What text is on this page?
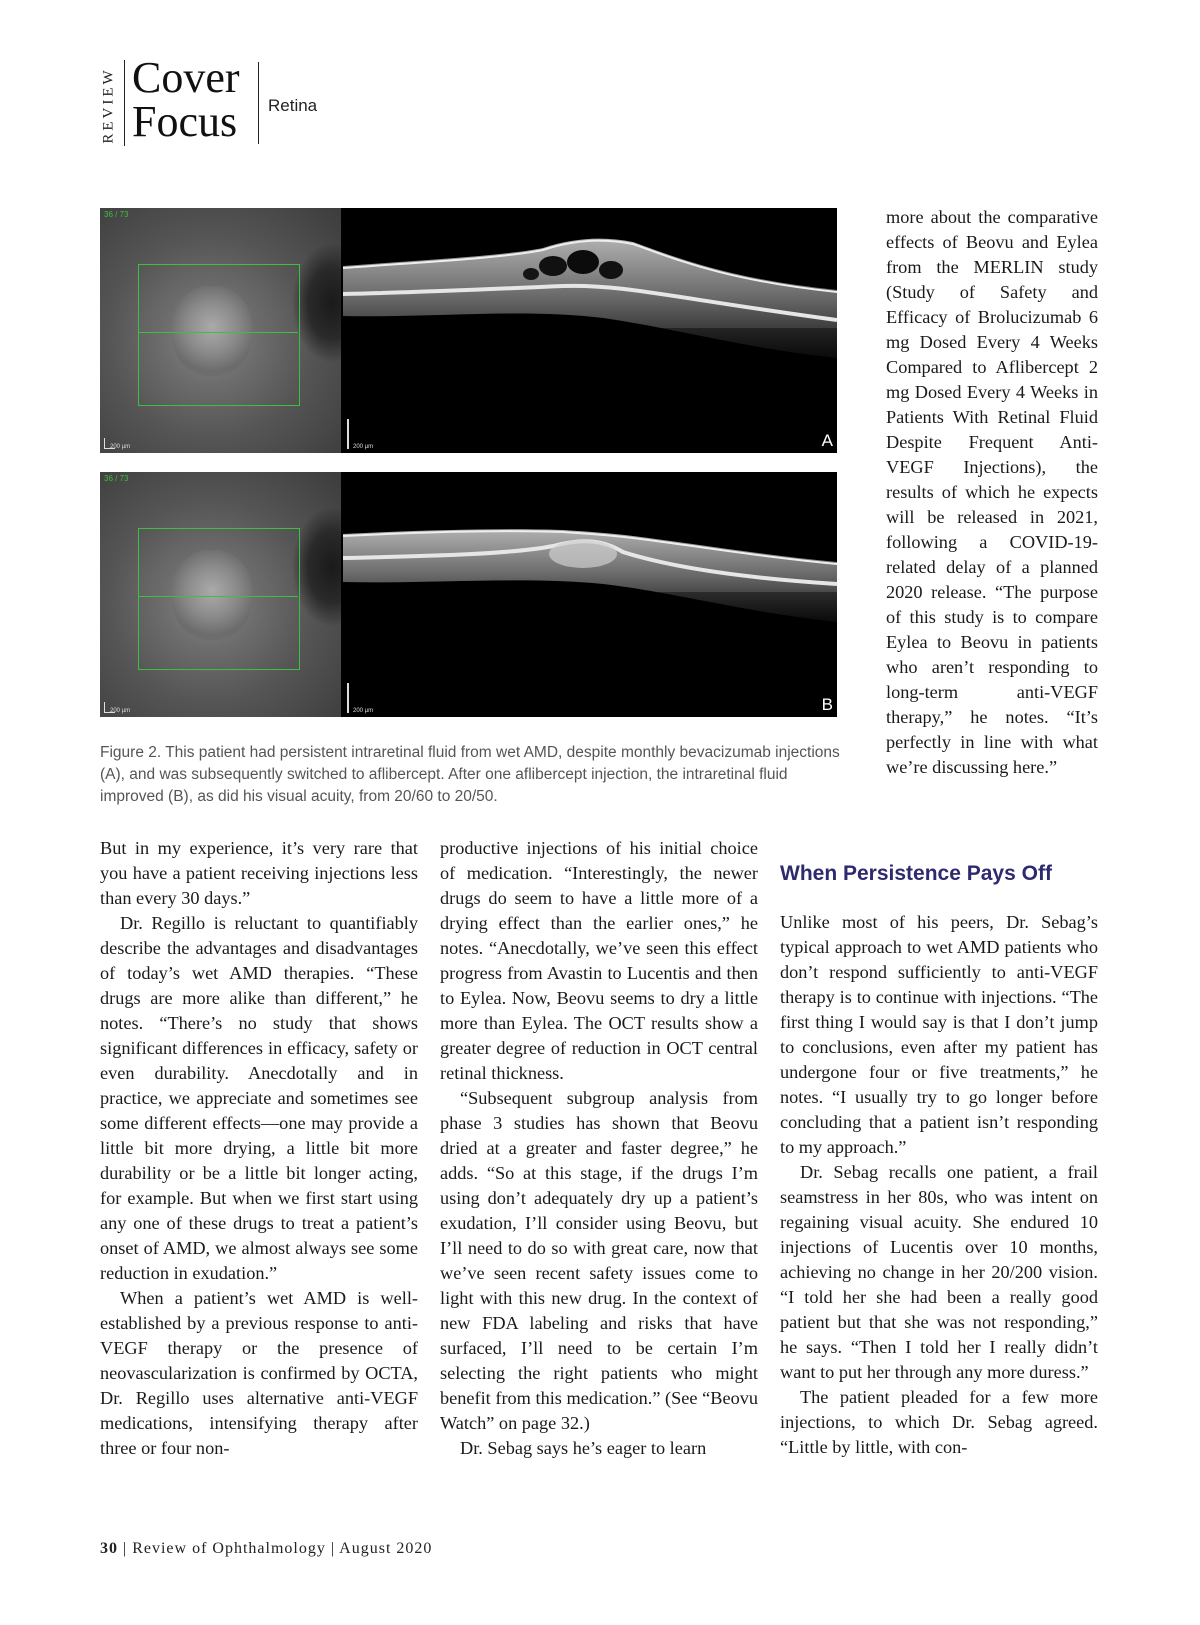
REVIEW Cover
Focus Retina
36 / 73
200 µm	200 µm	A
36 / 73
200 µm	200 µm	B
Figure 2. This patient had persistent intraretinal fluid from wet AMD, despite monthly bevacizumab injections (A), and was subsequently switched to aflibercept. After one aflibercept injection, the intraretinal fluid improved (B), as did his visual acuity, from 20/60 to 20/50.

more about the comparative effects of Beovu and Eylea from the MERLIN study (Study of Safety and Efficacy of Brolucizumab 6 mg Dosed Every 4 Weeks Compared to Aflibercept 2 mg Dosed Every 4 Weeks in Patients With Retinal Fluid Despite Frequent Anti-VEGF Injections), the results of which he expects will be released in 2021, following a COVID-19-related delay of a planned 2020 release. “The purpose of this study is to compare Eylea to Beovu in patients who aren’t responding to long-term anti-VEGF therapy,” he notes. “It’s perfectly in line with what we’re discussing here.”

But in my experience, it’s very rare that you have a patient receiving injections less than every 30 days.”

Dr. Regillo is reluctant to quantifiably describe the advantages and disadvantages of today’s wet AMD therapies. “These drugs are more alike than different,” he notes. “There’s no study that shows significant differences in efficacy, safety or even durability. Anecdotally and in practice, we appreciate and sometimes see some different effects—one may provide a little bit more drying, a little bit more durability or be a little bit longer acting, for example. But when we first start using any one of these drugs to treat a patient’s onset of AMD, we almost always see some reduction in exudation.”

When a patient’s wet AMD is well-established by a previous response to anti-VEGF therapy or the presence of neovascularization is confirmed by OCTA, Dr. Regillo uses alternative anti-VEGF medications, intensifying therapy after three or four non-

productive injections of his initial choice of medication. “Interestingly, the newer drugs do seem to have a little more of a drying effect than the earlier ones,” he notes. “Anecdotally, we’ve seen this effect progress from Avastin to Lucentis and then to Eylea. Now, Beovu seems to dry a little more than Eylea. The OCT results show a greater degree of reduction in OCT central retinal thickness.

“Subsequent subgroup analysis from phase 3 studies has shown that Beovu dried at a greater and faster degree,” he adds. “So at this stage, if the drugs I’m using don’t adequately dry up a patient’s exudation, I’ll consider using Beovu, but I’ll need to do so with great care, now that we’ve seen recent safety issues come to light with this new drug. In the context of new FDA labeling and risks that have surfaced, I’ll need to be certain I’m selecting the right patients who might benefit from this medication.” (See “Beovu Watch” on page 32.)

Dr. Sebag says he’s eager to learn

When Persistence Pays Off

Unlike most of his peers, Dr. Sebag’s typical approach to wet AMD patients who don’t respond sufficiently to anti-VEGF therapy is to continue with injections. “The first thing I would say is that I don’t jump to conclusions, even after my patient has undergone four or five treatments,” he notes. “I usually try to go longer before concluding that a patient isn’t responding to my approach.”

Dr. Sebag recalls one patient, a frail seamstress in her 80s, who was intent on regaining visual acuity. She endured 10 injections of Lucentis over 10 months, achieving no change in her 20/200 vision. “I told her she had been a really good patient but that she was not responding,” he says. “Then I told her I really didn’t want to put her through any more duress.”

The patient pleaded for a few more injections, to which Dr. Sebag agreed. “Little by little, with con-

30 | Review of Ophthalmology | August 2020
